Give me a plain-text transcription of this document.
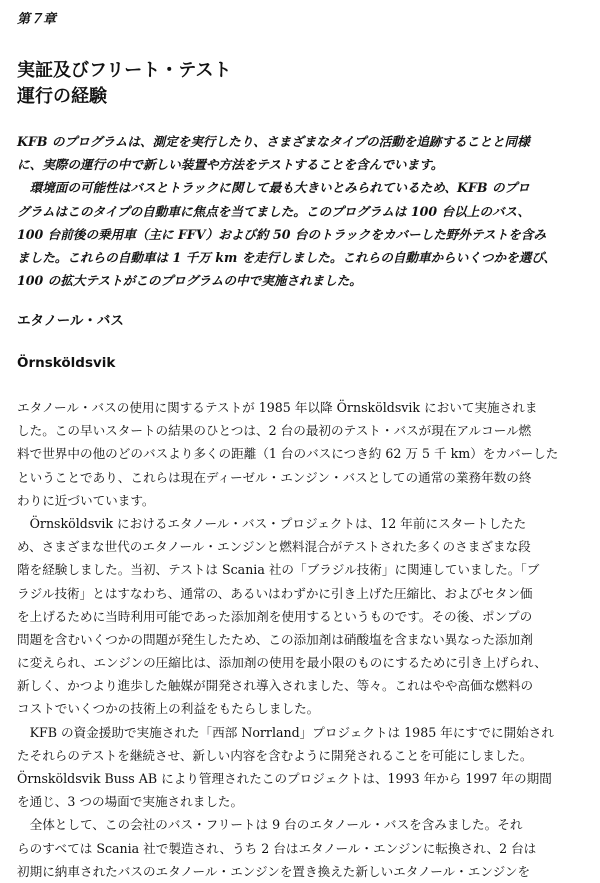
第７章
実証及びフリート・テスト
運行の経験
KFB のプログラムは、測定を実行したり、さまざまなタイプの活動を追跡することと同様
に、実際の運行の中で新しい装置や方法をテストすることを含んでいます。
　環境面の可能性はバスとトラックに関して最も大きいとみられているため、KFB のプロ
グラムはこのタイプの自動車に焦点を当てました。このプログラムは 100 台以上のバス、
100 台前後の乗用車（主に FFV）および約 50 台のトラックをカバーした野外テストを含み
ました。これらの自動車は 1 千万 km を走行しました。これらの自動車からいくつかを選び、
100 の拡大テストがこのプログラムの中で実施されました。
エタノール・バス
Örnsköldsvik
エタノール・バスの使用に関するテストが 1985 年以降 Örnsköldsvik において実施されま
した。この早いスタートの結果のひとつは、2 台の最初のテスト・バスが現在アルコール燃
料で世界中の他のどのバスより多くの距離（1 台のバスにつき約 62 万 5 千 km）をカバーした
ということであり、これらは現在ディーゼル・エンジン・バスとしての通常の業務年数の終
わりに近づいています。
　Örnsköldsvik におけるエタノール・バス・プロジェクトは、12 年前にスタートしたた
め、さまざまな世代のエタノール・エンジンと燃料混合がテストされた多くのさまざまな段
階を経験しました。当初、テストは Scania 社の「ブラジル技術」に関連していました。「ブ
ラジル技術」とはすなわち、通常の、あるいはわずかに引き上げた圧縮比、およびセタン価
を上げるために当時利用可能であった添加剤を使用するというものです。その後、ポンプの
問題を含むいくつかの問題が発生したため、この添加剤は硝酸塩を含まない異なった添加剤
に変えられ、エンジンの圧縮比は、添加剤の使用を最小限のものにするために引き上げられ、
新しく、かつより進歩した触媒が開発され導入されました、等々。これはやや高価な燃料の
コストでいくつかの技術上の利益をもたらしました。
　KFB の資金援助で実施された「西部 Norrland」プロジェクトは 1985 年にすでに開始され
たそれらのテストを継続させ、新しい内容を含むように開発されることを可能にしました。
Örnsköldsvik Buss AB により管理されたこのプロジェクトは、1993 年から 1997 年の期間
を通じ、3 つの場面で実施されました。
　全体として、この会社のバス・フリートは 9 台のエタノール・バスを含みました。それ
らのすべては Scania 社で製造され、うち 2 台はエタノール・エンジンに転換され、2 台は
初期に納車されたバスのエタノール・エンジンを置き換えた新しいエタノール・エンジンを
